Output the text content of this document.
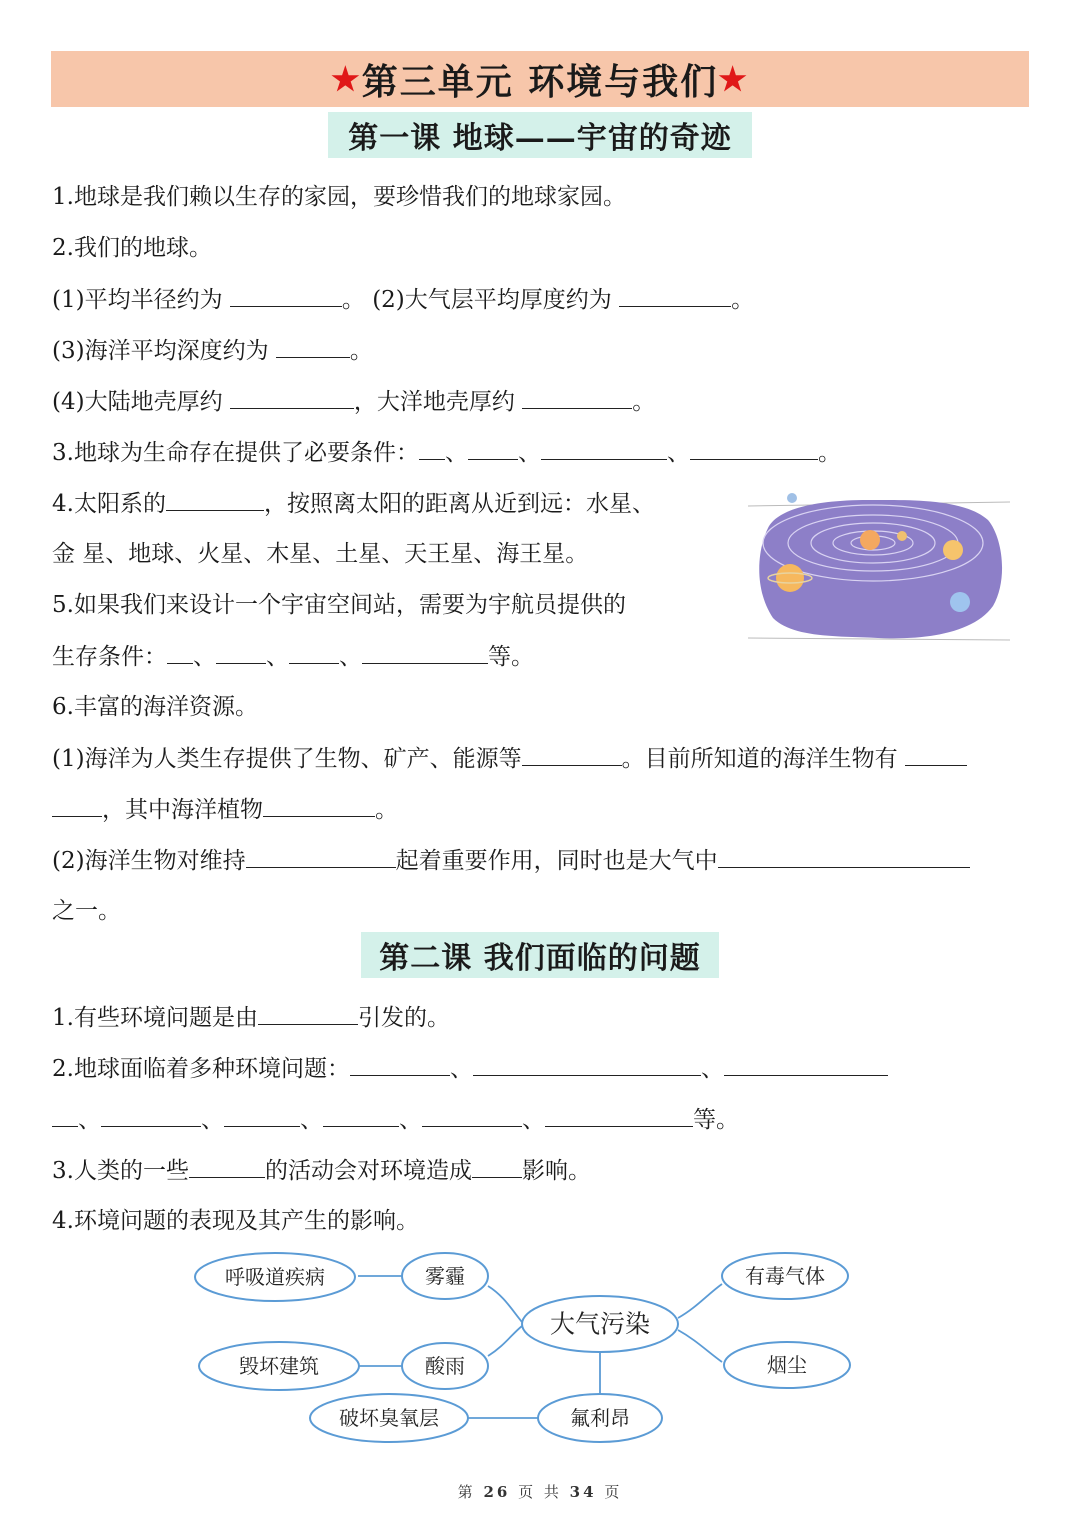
★ 第三单元 环境与我们 ★
第一课 地球——宇宙的奇迹
1.地球是我们赖以生存的家园，要珍惜我们的地球家园。
2.我们的地球。
(1)平均半径约为	。 (2)大气层平均厚度约为	。
(3)海洋平均深度约为	。
(4)大陆地壳厚约	，大洋地壳厚约	。
3.地球为生命存在提供了必要条件： 、 、	、	。
4.太阳系的	，按照离太阳的距离从近到远：水星、
金 星、地球、火星、木星、土星、天王星、海王星。
5.如果我们来设计一个宇宙空间站，需要为宇航员提供的
生存条件： 、 、 、	等。
6.丰富的海洋资源。
(1)海洋为人类生存提供了生物、矿产、能源等	。目前所知道的海洋生物有
，其中海洋植物	。
(2)海洋生物对维持	起着重要作用，同时也是大气中
之一。
第二课 我们面临的问题
1.有些环境问题是由	引发的。
2.地球面临着多种环境问题：	、	、
、	、	、	、	、	等。
3.人类的一些	的活动会对环境造成 影响。
4.环境问题的表现及其产生的影响。
呼吸道疾病	雾霾	有毒气体
大气污染
毁坏建筑	酸雨	烟尘
破坏臭氧层	氟利昂
第 26 页 共 34 页
